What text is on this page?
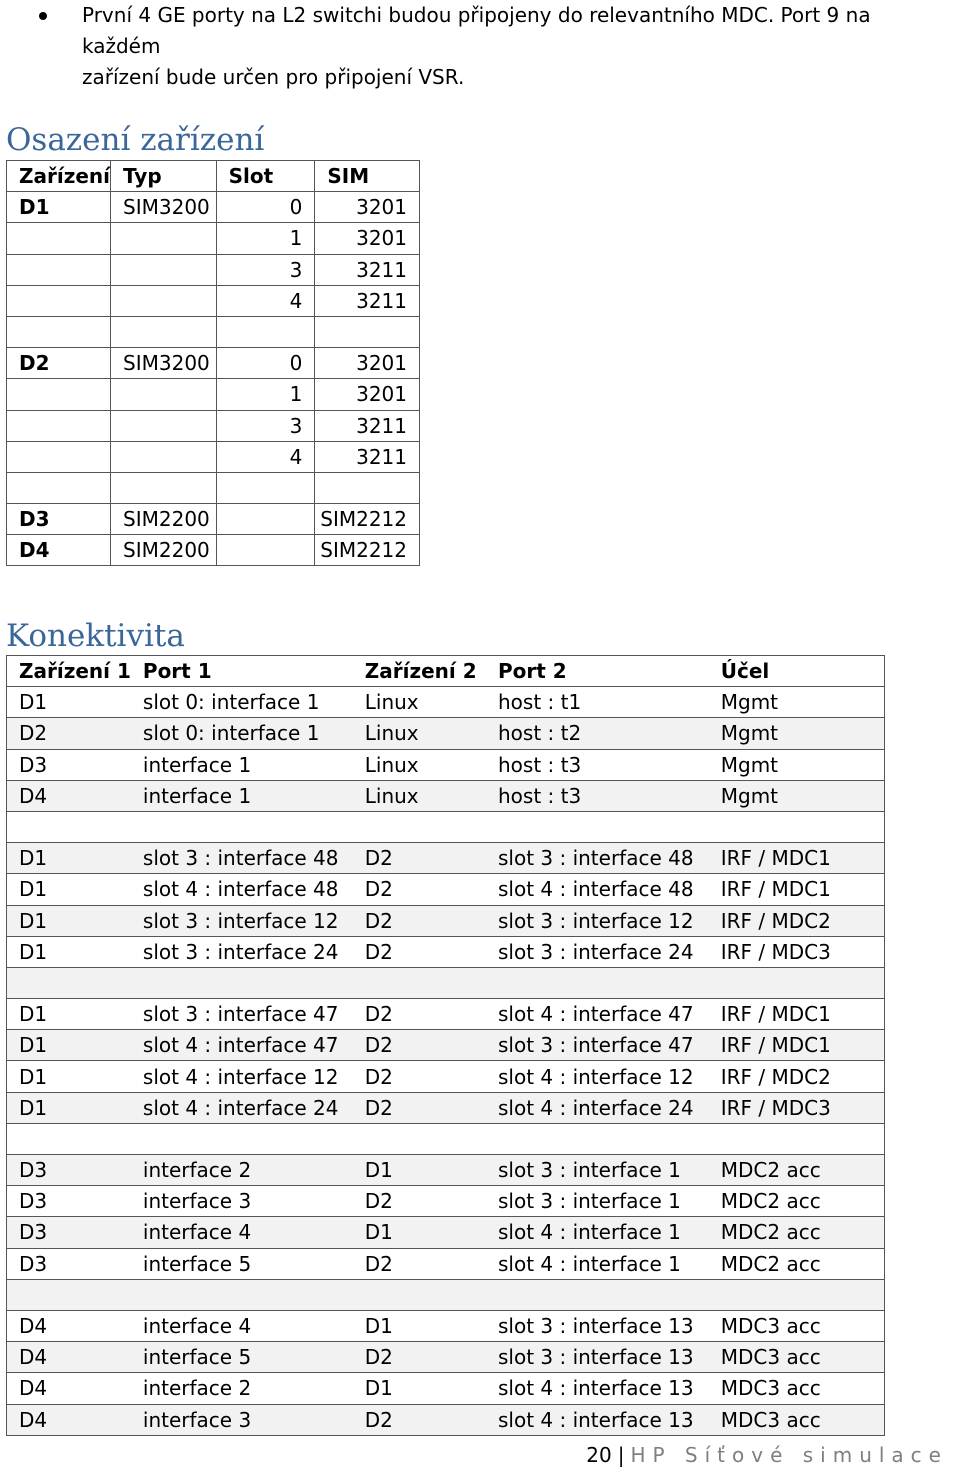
První 4 GE porty na L2 switchi budou připojeny do relevantního MDC. Port 9 na každém
zařízení bude určen pro připojení VSR.
Osazení zařízení
Zařízení	Typ	Slot	SIM
D1	SIM3200	0	3201
		1	3201
		3	3211
		4	3211

D2	SIM3200	0	3201
		1	3201
		3	3211
		4	3211

D3	SIM2200		SIM2212
D4	SIM2200		SIM2212
Konektivita
Zařízení 1	Port 1	Zařízení 2	Port 2	Účel
D1	slot 0: interface 1	Linux	host : t1	Mgmt
D2	slot 0: interface 1	Linux	host : t2	Mgmt
D3	interface 1	Linux	host : t3	Mgmt
D4	interface 1	Linux	host : t3	Mgmt

D1	slot 3 : interface 48	D2	slot 3 : interface 48	IRF / MDC1
D1	slot 4 : interface 48	D2	slot 4 : interface 48	IRF / MDC1
D1	slot 3 : interface 12	D2	slot 3 : interface 12	IRF / MDC2
D1	slot 3 : interface 24	D2	slot 3 : interface 24	IRF / MDC3

D1	slot 3 : interface 47	D2	slot 4 : interface 47	IRF / MDC1
D1	slot 4 : interface 47	D2	slot 3 : interface 47	IRF / MDC1
D1	slot 4 : interface 12	D2	slot 4 : interface 12	IRF / MDC2
D1	slot 4 : interface 24	D2	slot 4 : interface 24	IRF / MDC3

D3	interface 2	D1	slot 3 : interface 1	MDC2 acc
D3	interface 3	D2	slot 3 : interface 1	MDC2 acc
D3	interface 4	D1	slot 4 : interface 1	MDC2 acc
D3	interface 5	D2	slot 4 : interface 1	MDC2 acc

D4	interface 4	D1	slot 3 : interface 13	MDC3 acc
D4	interface 5	D2	slot 3 : interface 13	MDC3 acc
D4	interface 2	D1	slot 4 : interface 13	MDC3 acc
D4	interface 3	D2	slot 4 : interface 13	MDC3 acc
20 | HP Síťové simulace
